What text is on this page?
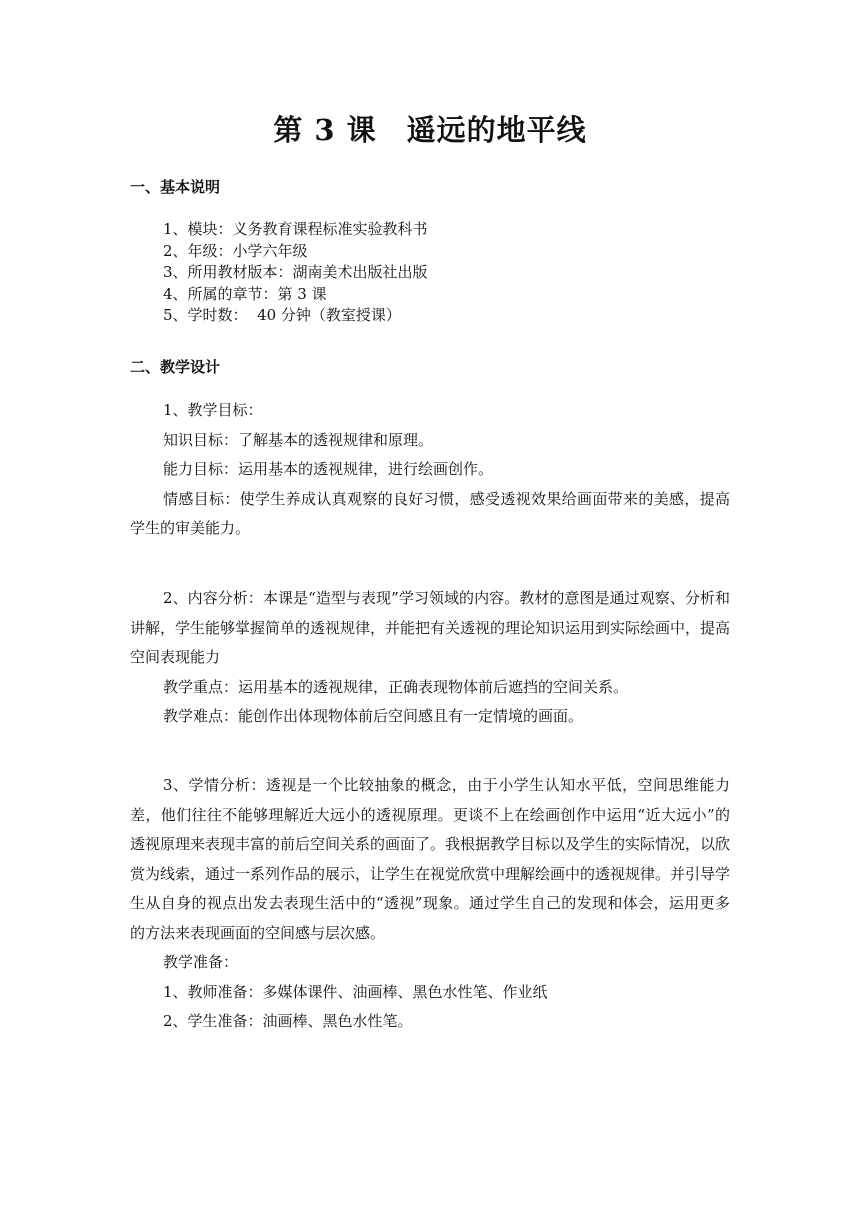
第 3 课　遥远的地平线
一、基本说明
1、模块：义务教育课程标准实验教科书
2、年级：小学六年级
3、所用教材版本：湖南美术出版社出版
4、所属的章节：第 3 课
5、学时数：  40 分钟（教室授课）
二、教学设计

1、教学目标：

知识目标：了解基本的透视规律和原理。

能力目标：运用基本的透视规律，进行绘画创作。

情感目标：使学生养成认真观察的良好习惯，感受透视效果给画面带来的美感，提高学生的审美能力。

2、内容分析：本课是“造型与表现”学习领域的内容。教材的意图是通过观察、分析和讲解，学生能够掌握简单的透视规律，并能把有关透视的理论知识运用到实际绘画中，提高空间表现能力

教学重点：运用基本的透视规律，正确表现物体前后遮挡的空间关系。

教学难点：能创作出体现物体前后空间感且有一定情境的画面。

3、学情分析：透视是一个比较抽象的概念，由于小学生认知水平低，空间思维能力差，他们往往不能够理解近大远小的透视原理。更谈不上在绘画创作中运用“近大远小”的透视原理来表现丰富的前后空间关系的画面了。我根据教学目标以及学生的实际情况，以欣赏为线索，通过一系列作品的展示，让学生在视觉欣赏中理解绘画中的透视规律。并引导学生从自身的视点出发去表现生活中的“透视”现象。通过学生自己的发现和体会，运用更多的方法来表现画面的空间感与层次感。

教学准备：

1、教师准备：多媒体课件、油画棒、黑色水性笔、作业纸

2、学生准备：油画棒、黑色水性笔。
